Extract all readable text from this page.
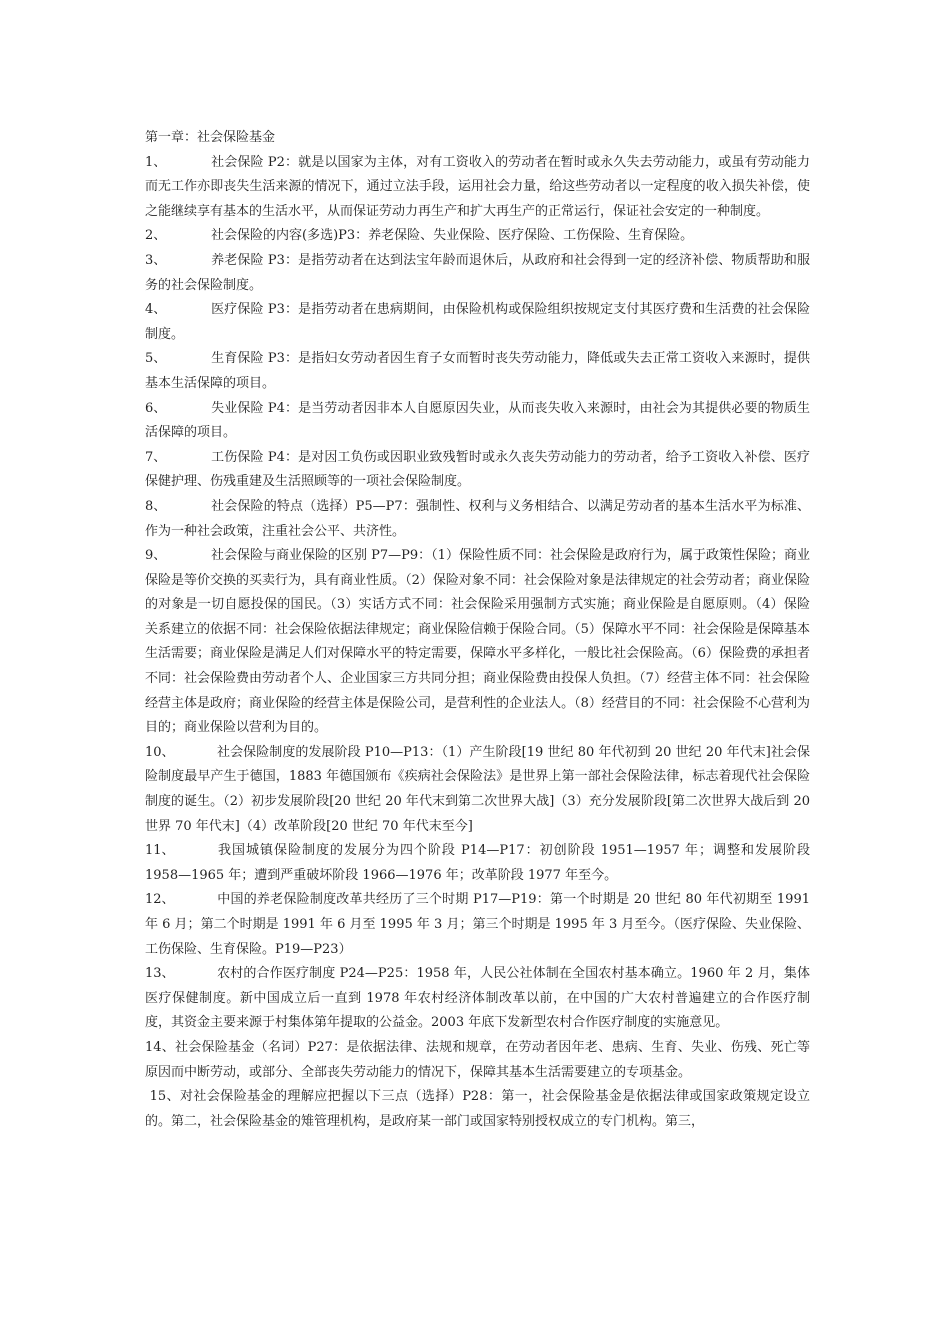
第一章：社会保险基金

1、	社会保险 P2：就是以国家为主体，对有工资收入的劳动者在暂时或永久失去劳动能力，或虽有劳动能力而无工作亦即丧失生活来源的情况下，通过立法手段，运用社会力量，给这些劳动者以一定程度的收入损失补偿，使之能继续享有基本的生活水平，从而保证劳动力再生产和扩大再生产的正常运行，保证社会安定的一种制度。

2、	社会保险的内容(多选)P3：养老保险、失业保险、医疗保险、工伤保险、生育保险。

3、	养老保险 P3：是指劳动者在达到法宝年龄而退休后，从政府和社会得到一定的经济补偿、物质帮助和服务的社会保险制度。

4、	医疗保险 P3：是指劳动者在患病期间，由保险机构或保险组织按规定支付其医疗费和生活费的社会保险制度。

5、	生育保险 P3：是指妇女劳动者因生育子女而暂时丧失劳动能力，降低或失去正常工资收入来源时，提供基本生活保障的项目。

6、	失业保险 P4：是当劳动者因非本人自愿原因失业，从而丧失收入来源时，由社会为其提供必要的物质生活保障的项目。

7、	工伤保险 P4：是对因工负伤或因职业致残暂时或永久丧失劳动能力的劳动者，给予工资收入补偿、医疗保健护理、伤残重建及生活照顾等的一项社会保险制度。

8、	社会保险的特点（选择）P5—P7：强制性、权利与义务相结合、以满足劳动者的基本生活水平为标准、作为一种社会政策，注重社会公平、共济性。

9、	社会保险与商业保险的区别 P7—P9：（1）保险性质不同：社会保险是政府行为，属于政策性保险；商业保险是等价交换的买卖行为，具有商业性质。（2）保险对象不同：社会保险对象是法律规定的社会劳动者；商业保险的对象是一切自愿投保的国民。（3）实话方式不同：社会保险采用强制方式实施；商业保险是自愿原则。（4）保险关系建立的依据不同：社会保险依据法律规定；商业保险信赖于保险合同。（5）保障水平不同：社会保险是保障基本生活需要；商业保险是满足人们对保障水平的特定需要，保障水平多样化，一般比社会保险高。（6）保险费的承担者不同：社会保险费由劳动者个人、企业国家三方共同分担；商业保险费由投保人负担。（7）经营主体不同：社会保险经营主体是政府；商业保险的经营主体是保险公司，是营利性的企业法人。（8）经营目的不同：社会保险不心营利为目的；商业保险以营利为目的。

10、	社会保险制度的发展阶段 P10—P13：（1）产生阶段[19 世纪 80 年代初到 20 世纪 20 年代末]社会保险制度最早产生于德国，1883 年德国颁布《疾病社会保险法》是世界上第一部社会保险法律，标志着现代社会保险制度的诞生。（2）初步发展阶段[20 世纪 20 年代末到第二次世界大战]（3）充分发展阶段[第二次世界大战后到 20 世界 70 年代末]（4）改革阶段[20 世纪 70 年代末至今]

11、	我国城镇保险制度的发展分为四个阶段 P14—P17：初创阶段 1951—1957 年；调整和发展阶段 1958—1965 年；遭到严重破坏阶段 1966—1976 年；改革阶段 1977 年至今。

12、	中国的养老保险制度改革共经历了三个时期 P17—P19：第一个时期是 20 世纪 80 年代初期至 1991 年 6 月；第二个时期是 1991 年 6 月至 1995 年 3 月；第三个时期是 1995 年 3 月至今。（医疗保险、失业保险、工伤保险、生育保险。P19—P23）

13、	农村的合作医疗制度 P24—P25：1958 年，人民公社体制在全国农村基本确立。1960 年 2 月，集体医疗保健制度。新中国成立后一直到 1978 年农村经济体制改革以前，在中国的广大农村普遍建立的合作医疗制度，其资金主要来源于村集体第年提取的公益金。2003 年底下发新型农村合作医疗制度的实施意见。

14、社会保险基金（名词）P27：是依据法律、法规和规章，在劳动者因年老、患病、生育、失业、伤残、死亡等原因而中断劳动，或部分、全部丧失劳动能力的情况下，保障其基本生活需要建立的专项基金。

15、对社会保险基金的理解应把握以下三点（选择）P28：第一，社会保险基金是依据法律或国家政策规定设立的。第二，社会保险基金的雉管理机构，是政府某一部门或国家特别授权成立的专门机构。第三，
